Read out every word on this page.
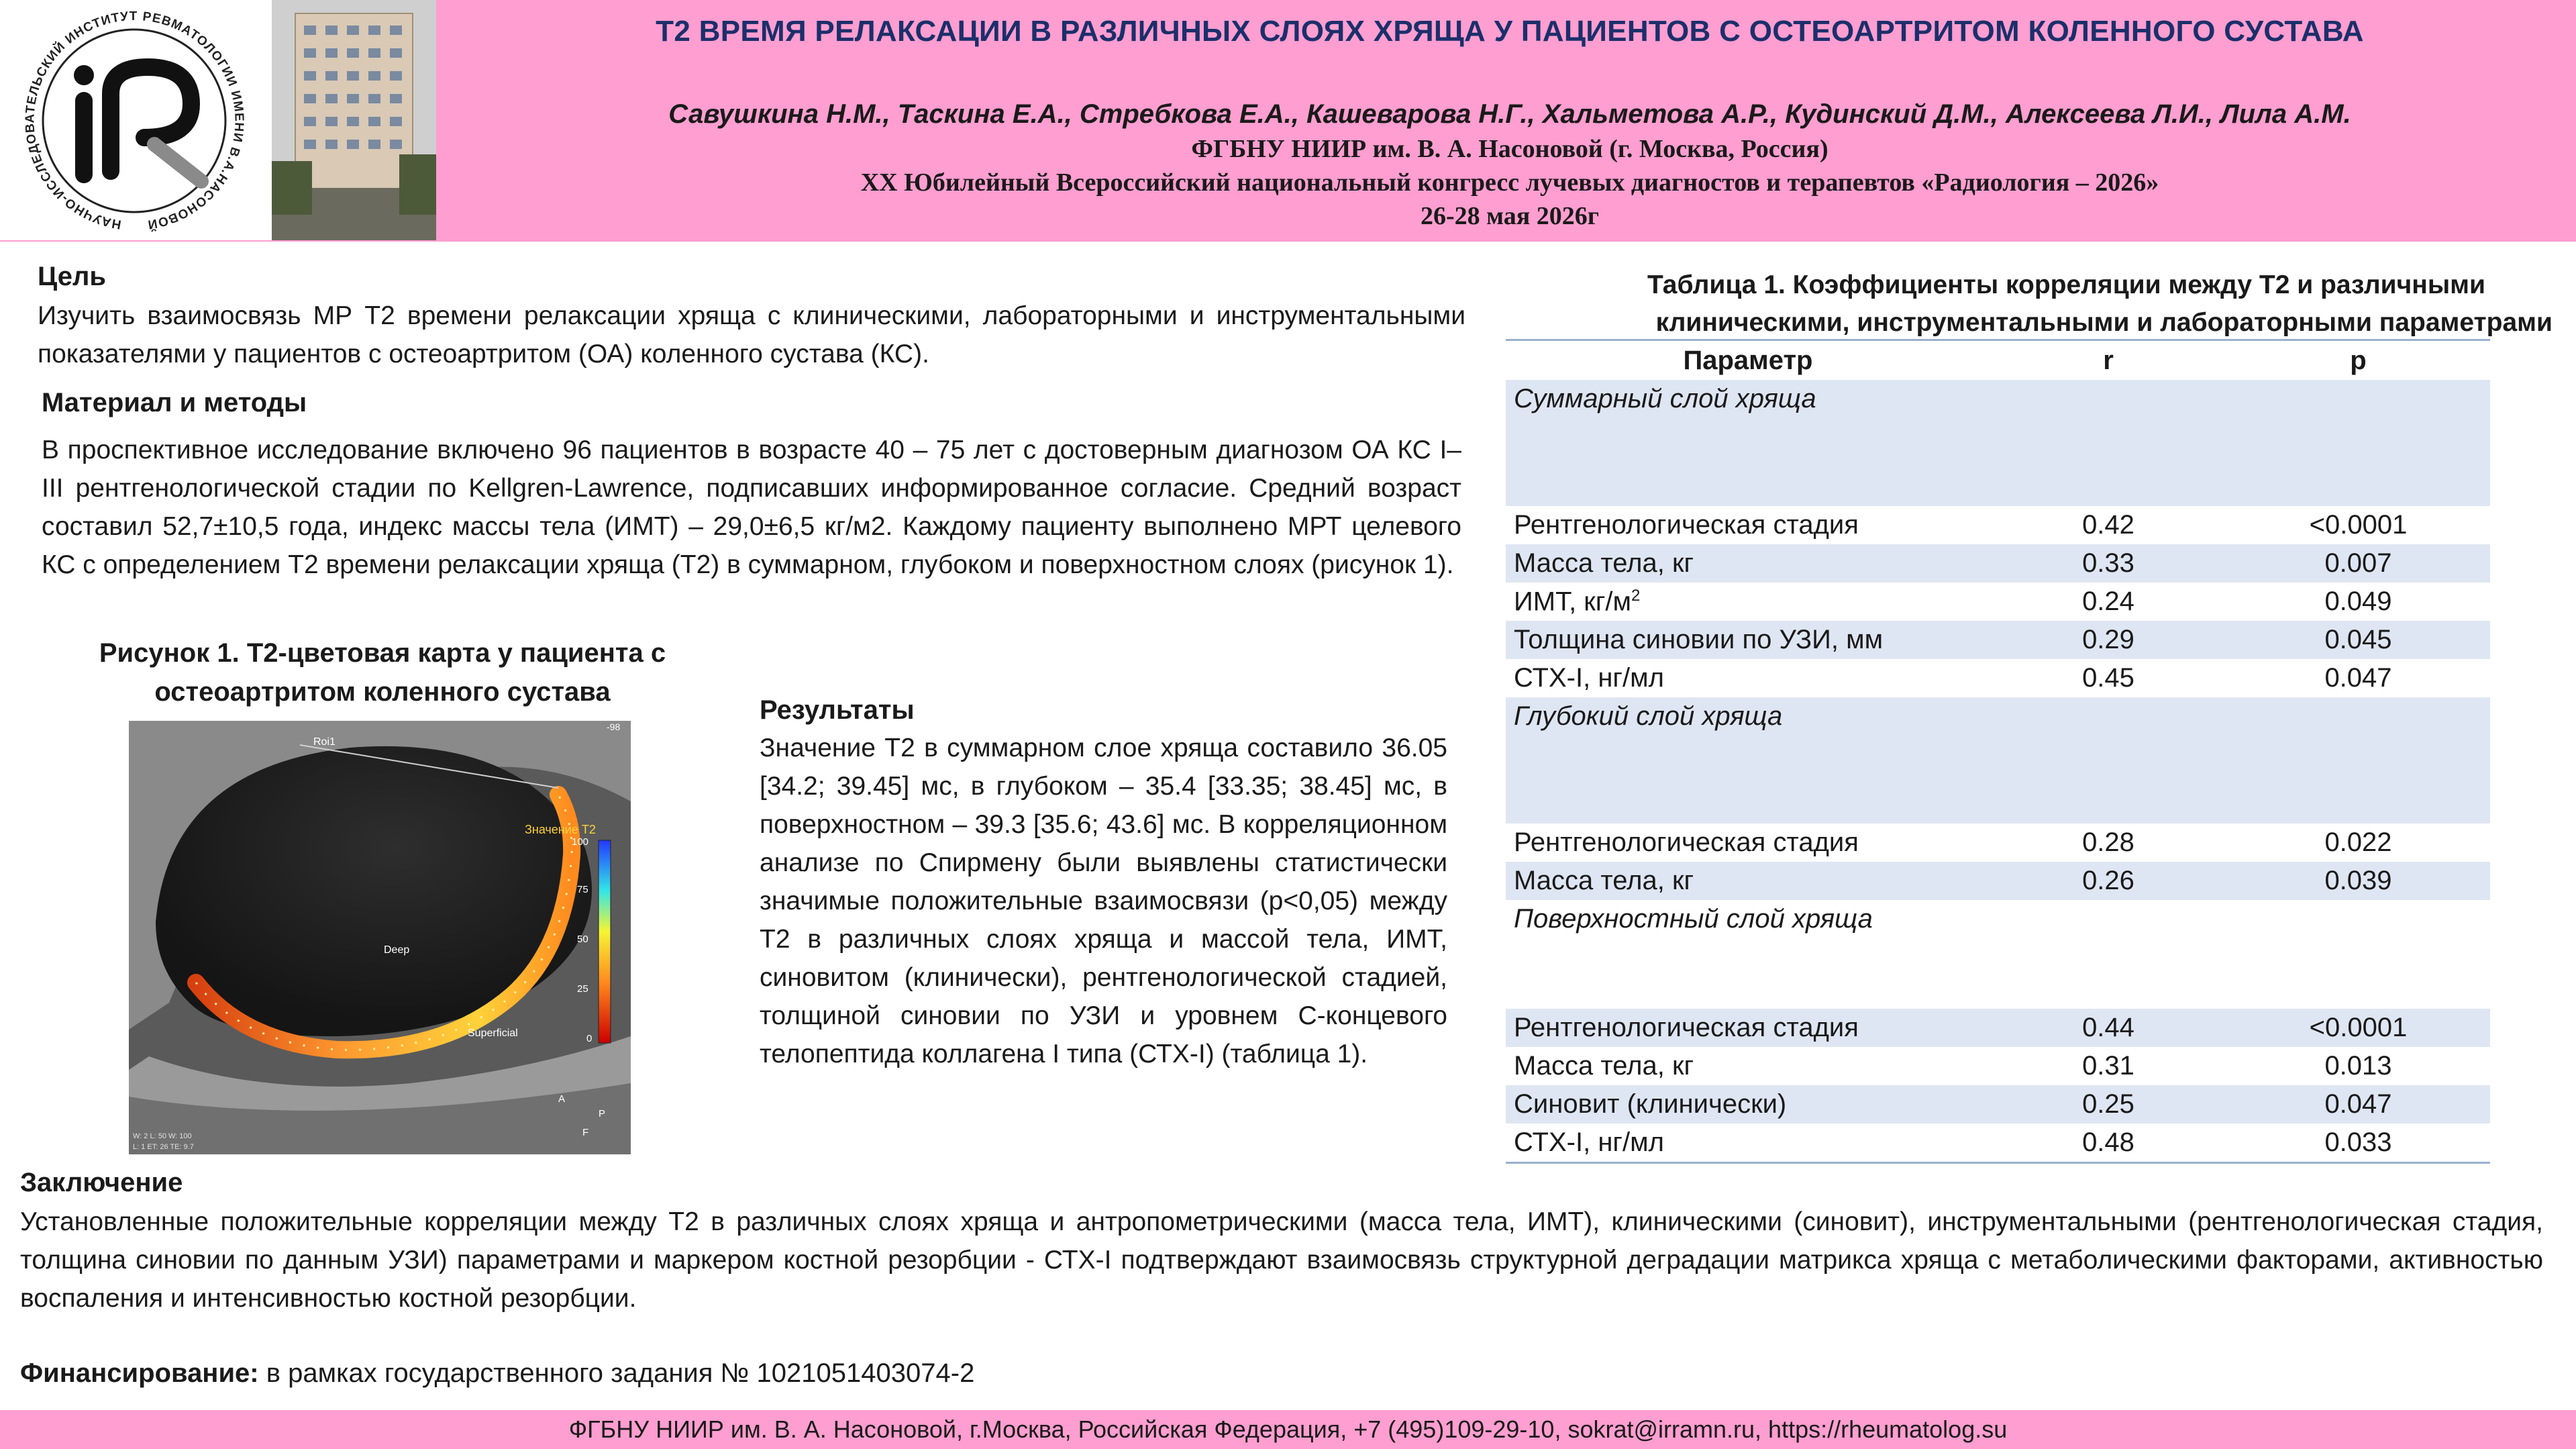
НАУЧНО-ИССЛЕДОВАТЕЛЬСКИЙ ИНСТИТУТ РЕВМАТОЛОГИИ ИМЕНИ В.А.НАСОНОВОЙ
Т2 ВРЕМЯ РЕЛАКСАЦИИ В РАЗЛИЧНЫХ СЛОЯХ ХРЯЩА У ПАЦИЕНТОВ С ОСТЕОАРТРИТОМ КОЛЕННОГО СУСТАВА
Савушкина Н.М., Таскина Е.А., Стребкова Е.А., Кашеварова Н.Г., Хальметова А.Р., Кудинский Д.М., Алексеева Л.И., Лила А.М.
ФГБНУ НИИР им. В. А. Насоновой (г. Москва, Россия)
XX Юбилейный Всероссийский национальный конгресс лучевых диагностов и терапевтов «Радиология – 2026»
26-28 мая 2026г
Цель
Изучить взаимосвязь МР Т2 времени релаксации хряща с клиническими, лабораторными и инструментальными показателями у пациентов с остеоартритом (ОА) коленного сустава (КС).
Материал и методы
В проспективное исследование включено 96 пациентов в возрасте 40 – 75 лет с достоверным диагнозом ОА КС I–III рентгенологической стадии по Kellgren-Lawrence, подписавших информированное согласие. Средний возраст составил 52,7±10,5 года, индекс массы тела (ИМТ) – 29,0±6,5 кг/м2. Каждому пациенту выполнено МРТ целевого КС с определением Т2 времени релаксации хряща (Т2) в суммарном, глубоком и поверхностном слоях (рисунок 1).
Рисунок 1. Т2-цветовая карта у пациента с остеоартритом коленного сустава
Roi1
Значение Т2
Deep
Superficial
100
75
50
25
0
-98
A
P
F
W: 2 L: 50 W: 100
L: 1 ET: 26 TE: 9.7
Результаты
Значение Т2 в суммарном слое хряща составило 36.05 [34.2; 39.45] мс, в глубоком – 35.4 [33.35; 38.45] мс, в поверхностном – 39.3 [35.6; 43.6] мс. В корреляционном анализе по Спирмену были выявлены статистически значимые положительные взаимосвязи (p<0,05) между Т2 в различных слоях хряща и массой тела, ИМТ, синовитом (клинически), рентгенологической стадией, толщиной синовии по УЗИ и уровнем С-концевого телопептида коллагена I типа (СТХ-I) (таблица 1).
Таблица 1. Коэффициенты корреляции между Т2 и различными
клиническими, инструментальными и лабораторными параметрами
Параметр	r	p
Суммарный слой хряща		
Рентгенологическая стадия	0.42	<0.0001
Масса тела, кг	0.33	0.007
ИМТ, $кг/м^2$	0.24	0.049
Толщина синовии по УЗИ, мм	0.29	0.045
СТХ-I, нг/мл	0.45	0.047
Глубокий слой хряща		
Рентгенологическая стадия	0.28	0.022
Масса тела, кг	0.26	0.039
Поверхностный слой хряща		
Рентгенологическая стадия	0.44	<0.0001
Масса тела, кг	0.31	0.013
Синовит (клинически)	0.25	0.047
СТХ-I, нг/мл	0.48	0.033
Заключение
Установленные положительные корреляции между Т2 в различных слоях хряща и антропометрическими (масса тела, ИМТ), клиническими (синовит), инструментальными (рентгенологическая стадия, толщина синовии по данным УЗИ) параметрами и маркером костной резорбции - СТХ-I подтверждают взаимосвязь структурной деградации матрикса хряща с метаболическими факторами, активностью воспаления и интенсивностью костной резорбции.
Финансирование: в рамках государственного задания № 1021051403074-2
ФГБНУ НИИР им. В. А. Насоновой, г.Москва, Российская Федерация, +7 (495)109-29-10, sokrat@irramn.ru, https://rheumatolog.su
